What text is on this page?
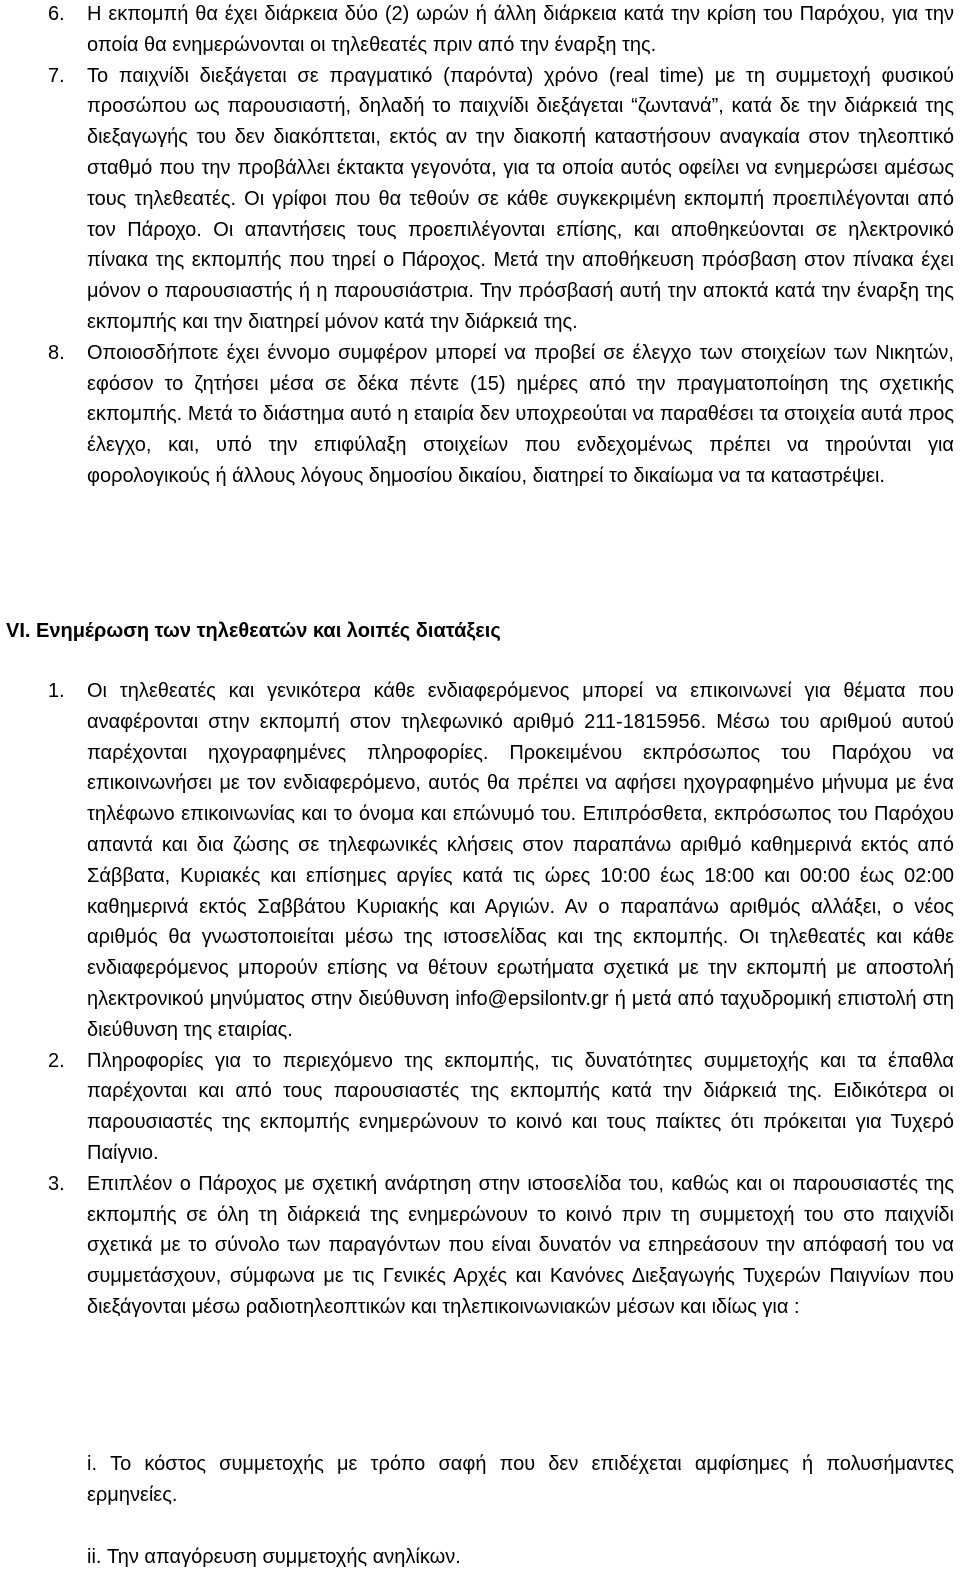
6. Η εκπομπή θα έχει διάρκεια δύο (2) ωρών ή άλλη διάρκεια κατά την κρίση του Παρόχου, για την οποία θα ενημερώνονται οι τηλεθεατές πριν από την έναρξη της.
7. Το παιχνίδι διεξάγεται σε πραγματικό (παρόντα) χρόνο (real time) με τη συμμετοχή φυσικού προσώπου ως παρουσιαστή, δηλαδή το παιχνίδι διεξάγεται “ζωντανά”, κατά δε την διάρκειά της διεξαγωγής του δεν διακόπτεται, εκτός αν την διακοπή καταστήσουν αναγκαία στον τηλεοπτικό σταθμό που την προβάλλει έκτακτα γεγονότα, για τα οποία αυτός οφείλει να ενημερώσει αμέσως τους τηλεθεατές. Οι γρίφοι που θα τεθούν σε κάθε συγκεκριμένη εκπομπή προεπιλέγονται από τον Πάροχο. Οι απαντήσεις τους προεπιλέγονται επίσης, και αποθηκεύονται σε ηλεκτρονικό πίνακα της εκπομπής που τηρεί ο Πάροχος. Μετά την αποθήκευση πρόσβαση στον πίνακα έχει μόνον ο παρουσιαστής ή η παρουσιάστρια. Την πρόσβασή αυτή την αποκτά κατά την έναρξη της εκπομπής και την διατηρεί μόνον κατά την διάρκειά της.
8. Οποιοσδήποτε έχει έννομο συμφέρον μπορεί να προβεί σε έλεγχο των στοιχείων των Νικητών, εφόσον το ζητήσει μέσα σε δέκα πέντε (15) ημέρες από την πραγματοποίηση της σχετικής εκπομπής. Μετά το διάστημα αυτό η εταιρία δεν υποχρεούται να παραθέσει τα στοιχεία αυτά προς έλεγχο, και, υπό την επιφύλαξη στοιχείων που ενδεχομένως πρέπει να τηρούνται για φορολογικούς ή άλλους λόγους δημοσίου δικαίου, διατηρεί το δικαίωμα να τα καταστρέψει.
VI. Ενημέρωση των τηλεθεατών και λοιπές διατάξεις
1. Οι τηλεθεατές και γενικότερα κάθε ενδιαφερόμενος μπορεί να επικοινωνεί για θέματα που αναφέρονται στην εκπομπή στον τηλεφωνικό αριθμό 211-1815956. Μέσω του αριθμού αυτού παρέχονται ηχογραφημένες πληροφορίες. Προκειμένου εκπρόσωπος του Παρόχου να επικοινωνήσει με τον ενδιαφερόμενο, αυτός θα πρέπει να αφήσει ηχογραφημένο μήνυμα με ένα τηλέφωνο επικοινωνίας και το όνομα και επώνυμό του. Επιπρόσθετα, εκπρόσωπος του Παρόχου απαντά και δια ζώσης σε τηλεφωνικές κλήσεις στον παραπάνω αριθμό καθημερινά εκτός από Σάββατα, Κυριακές και επίσημες αργίες κατά τις ώρες 10:00 έως 18:00 και 00:00 έως 02:00 καθημερινά εκτός Σαββάτου Κυριακής και Αργιών. Αν ο παραπάνω αριθμός αλλάξει, ο νέος αριθμός θα γνωστοποιείται μέσω της ιστοσελίδας και της εκπομπής. Οι τηλεθεατές και κάθε ενδιαφερόμενος μπορούν επίσης να θέτουν ερωτήματα σχετικά με την εκπομπή με αποστολή ηλεκτρονικού μηνύματος στην διεύθυνση info@epsilontv.gr ή μετά από ταχυδρομική επιστολή στη διεύθυνση της εταιρίας.
2. Πληροφορίες για το περιεχόμενο της εκπομπής, τις δυνατότητες συμμετοχής και τα έπαθλα παρέχονται και από τους παρουσιαστές της εκπομπής κατά την διάρκειά της. Ειδικότερα οι παρουσιαστές της εκπομπής ενημερώνουν το κοινό και τους παίκτες ότι πρόκειται για Τυχερό Παίγνιο.
3. Επιπλέον ο Πάροχος με σχετική ανάρτηση στην ιστοσελίδα του, καθώς και οι παρουσιαστές της εκπομπής σε όλη τη διάρκειά της ενημερώνουν το κοινό πριν τη συμμετοχή του στο παιχνίδι σχετικά με το σύνολο των παραγόντων που είναι δυνατόν να επηρεάσουν την απόφασή του να συμμετάσχουν, σύμφωνα με τις Γενικές Αρχές και Κανόνες Διεξαγωγής Τυχερών Παιγνίων που διεξάγονται μέσω ραδιοτηλεοπτικών και τηλεπικοινωνιακών μέσων και ιδίως για :
i. Το κόστος συμμετοχής με τρόπο σαφή που δεν επιδέχεται αμφίσημες ή πολυσήμαντες ερμηνείες.
ii. Την απαγόρευση συμμετοχής ανηλίκων.
